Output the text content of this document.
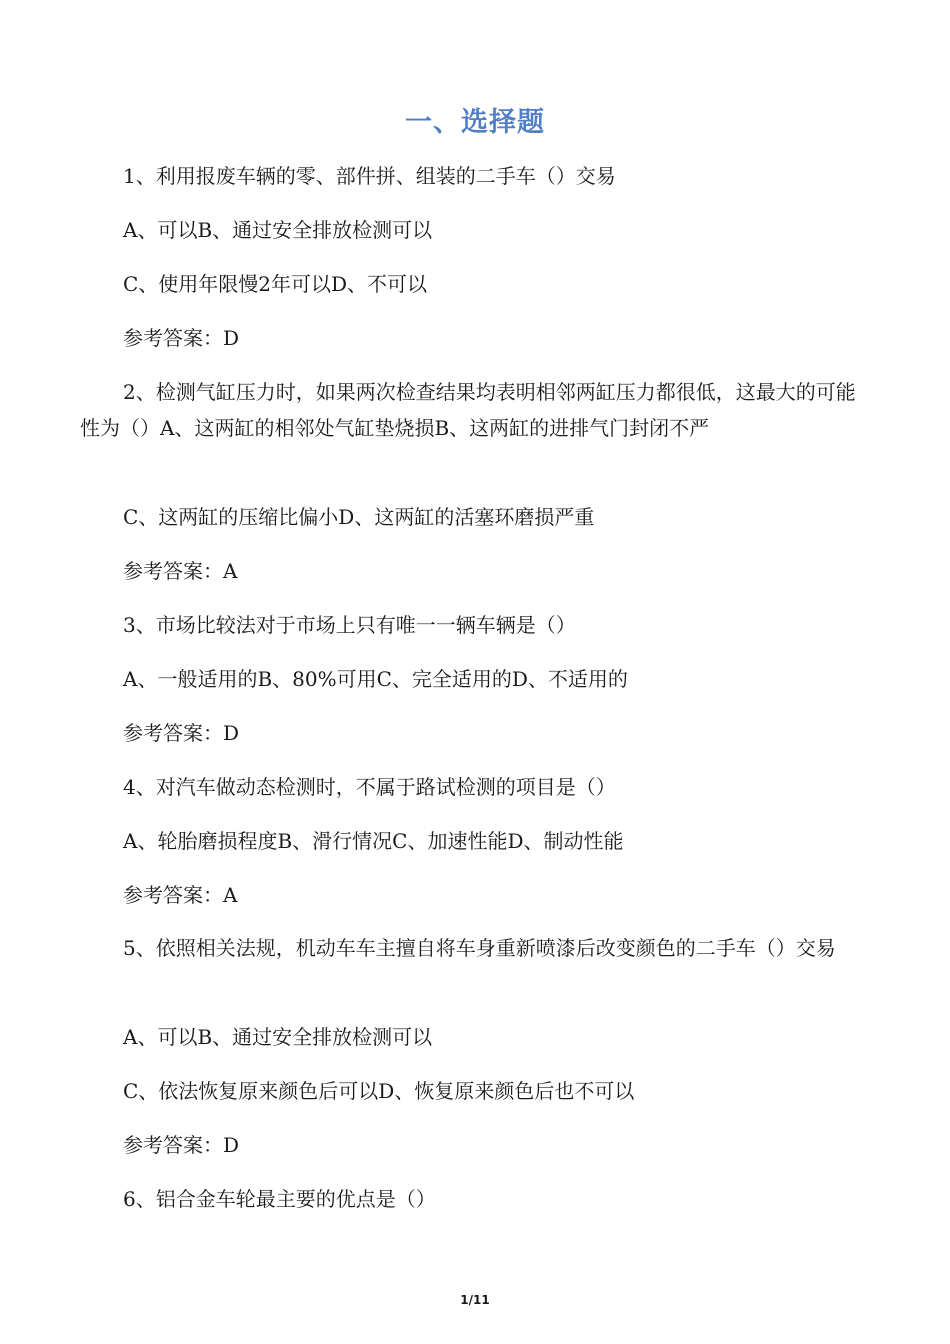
一、选择题
1、利用报废车辆的零、部件拼、组装的二手车（）交易
A、可以B、通过安全排放检测可以
C、使用年限慢2年可以D、不可以
参考答案：D
2、检测气缸压力时，如果两次检查结果均表明相邻两缸压力都很低，这最大的可能性为（）A、这两缸的相邻处气缸垫烧损B、这两缸的进排气门封闭不严
C、这两缸的压缩比偏小D、这两缸的活塞环磨损严重
参考答案：A
3、市场比较法对于市场上只有唯一一辆车辆是（）
A、一般适用的B、80%可用C、完全适用的D、不适用的
参考答案：D
4、对汽车做动态检测时，不属于路试检测的项目是（）
A、轮胎磨损程度B、滑行情况C、加速性能D、制动性能
参考答案：A
5、依照相关法规，机动车车主擅自将车身重新喷漆后改变颜色的二手车（）交易
A、可以B、通过安全排放检测可以
C、依法恢复原来颜色后可以D、恢复原来颜色后也不可以
参考答案：D
6、铝合金车轮最主要的优点是（）
1/11
